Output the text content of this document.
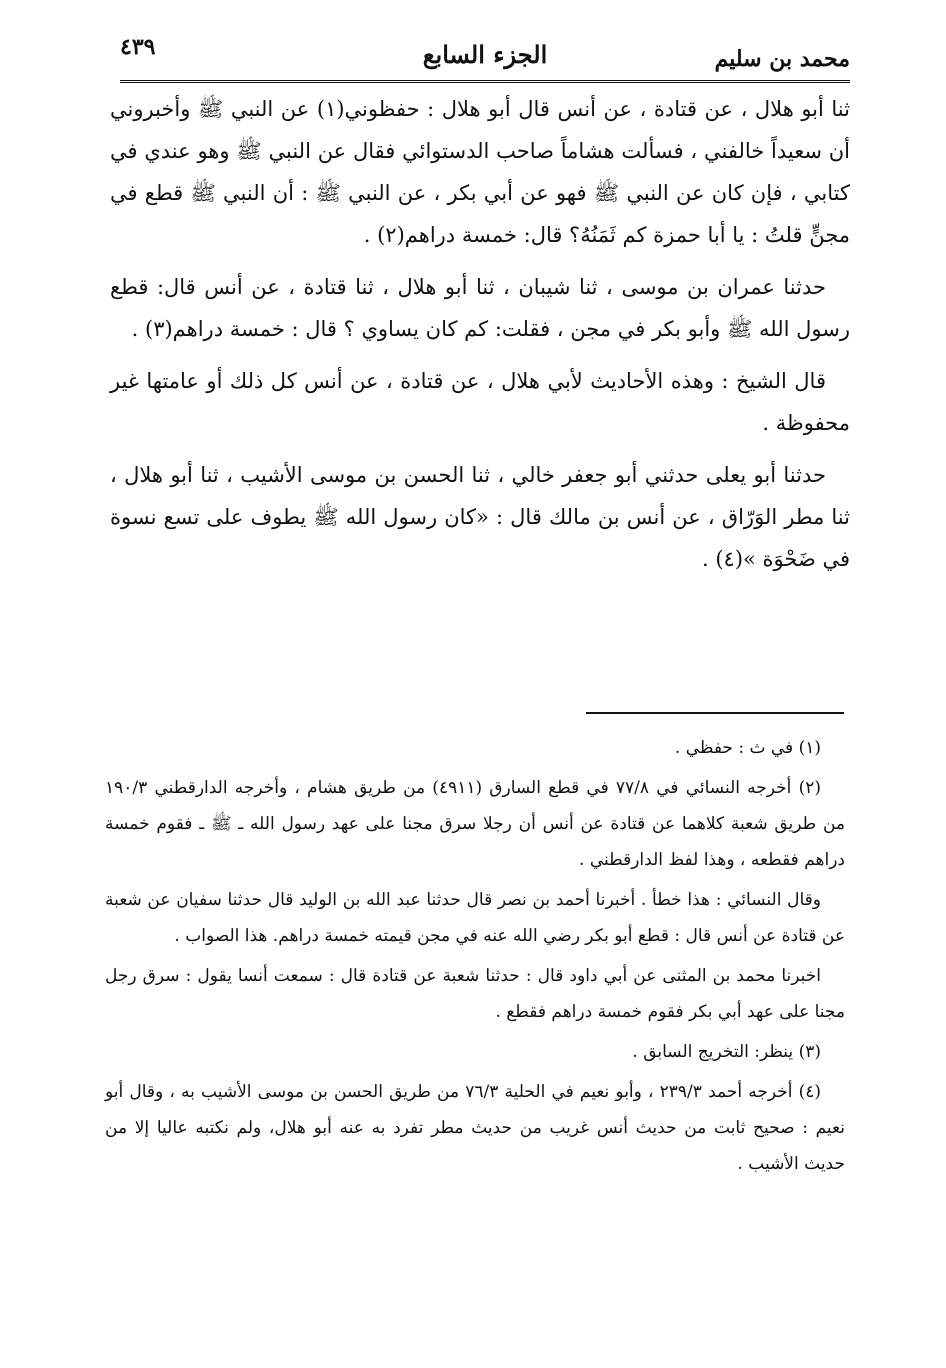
محمد بن سليم
الجزء السابع
٤٣٩

ثنا أبو هلال ، عن قتادة ، عن أنس قال أبو هلال : حفظوني(١) عن النبي ﷺ وأخبروني أن سعيداً خالفني ، فسألت هشاماً صاحب الدستوائي فقال عن النبي ﷺ وهو عندي في كتابي ، فإن كان عن النبي ﷺ فهو عن أبي بكر ، عن النبي ﷺ : أن النبي ﷺ قطع في مجنٍّ قلتُ : يا أبا حمزة كم ثَمَنُهُ؟ قال: خمسة دراهم(٢) .

حدثنا عمران بن موسى ، ثنا شيبان ، ثنا أبو هلال ، ثنا قتادة ، عن أنس قال: قطع رسول الله ﷺ وأبو بكر في مجن ، فقلت: كم كان يساوي ؟ قال : خمسة دراهم(٣) .

قال الشيخ : وهذه الأحاديث لأبي هلال ، عن قتادة ، عن أنس كل ذلك أو عامتها غير محفوظة .

حدثنا أبو يعلى حدثني أبو جعفر خالي ، ثنا الحسن بن موسى الأشيب ، ثنا أبو هلال ، ثنا مطر الوَرّاق ، عن أنس بن مالك قال : «كان رسول الله ﷺ يطوف على تسع نسوة في ضَحْوَة »(٤) .

(١) في ث : حفظي .

(٢) أخرجه النسائي في ٧٧/٨ في قطع السارق (٤٩١١) من طريق هشام ، وأخرجه الدارقطني ١٩٠/٣ من طريق شعبة كلاهما عن قتادة عن أنس أن رجلا سرق مجنا على عهد رسول الله ـ ﷺ ـ فقوم خمسة دراهم فقطعه ، وهذا لفظ الدارقطني .

وقال النسائي : هذا خطأ . أخبرنا أحمد بن نصر قال حدثنا عبد الله بن الوليد قال حدثنا سفيان عن شعبة عن قتادة عن أنس قال : قطع أبو بكر رضي الله عنه في مجن قيمته خمسة دراهم. هذا الصواب .

اخبرنا محمد بن المثنى عن أبي داود قال : حدثنا شعبة عن قتادة قال : سمعت أنسا يقول : سرق رجل مجنا على عهد أبي بكر فقوم خمسة دراهم فقطع .

(٣) ينظر: التخريج السابق .

(٤) أخرجه أحمد ٢٣٩/٣ ، وأبو نعيم في الحلية ٧٦/٣ من طريق الحسن بن موسى الأشيب به ، وقال أبو نعيم : صحيح ثابت من حديث أنس غريب من حديث مطر تفرد به عنه أبو هلال، ولم نكتبه عاليا إلا من حديث الأشيب .
